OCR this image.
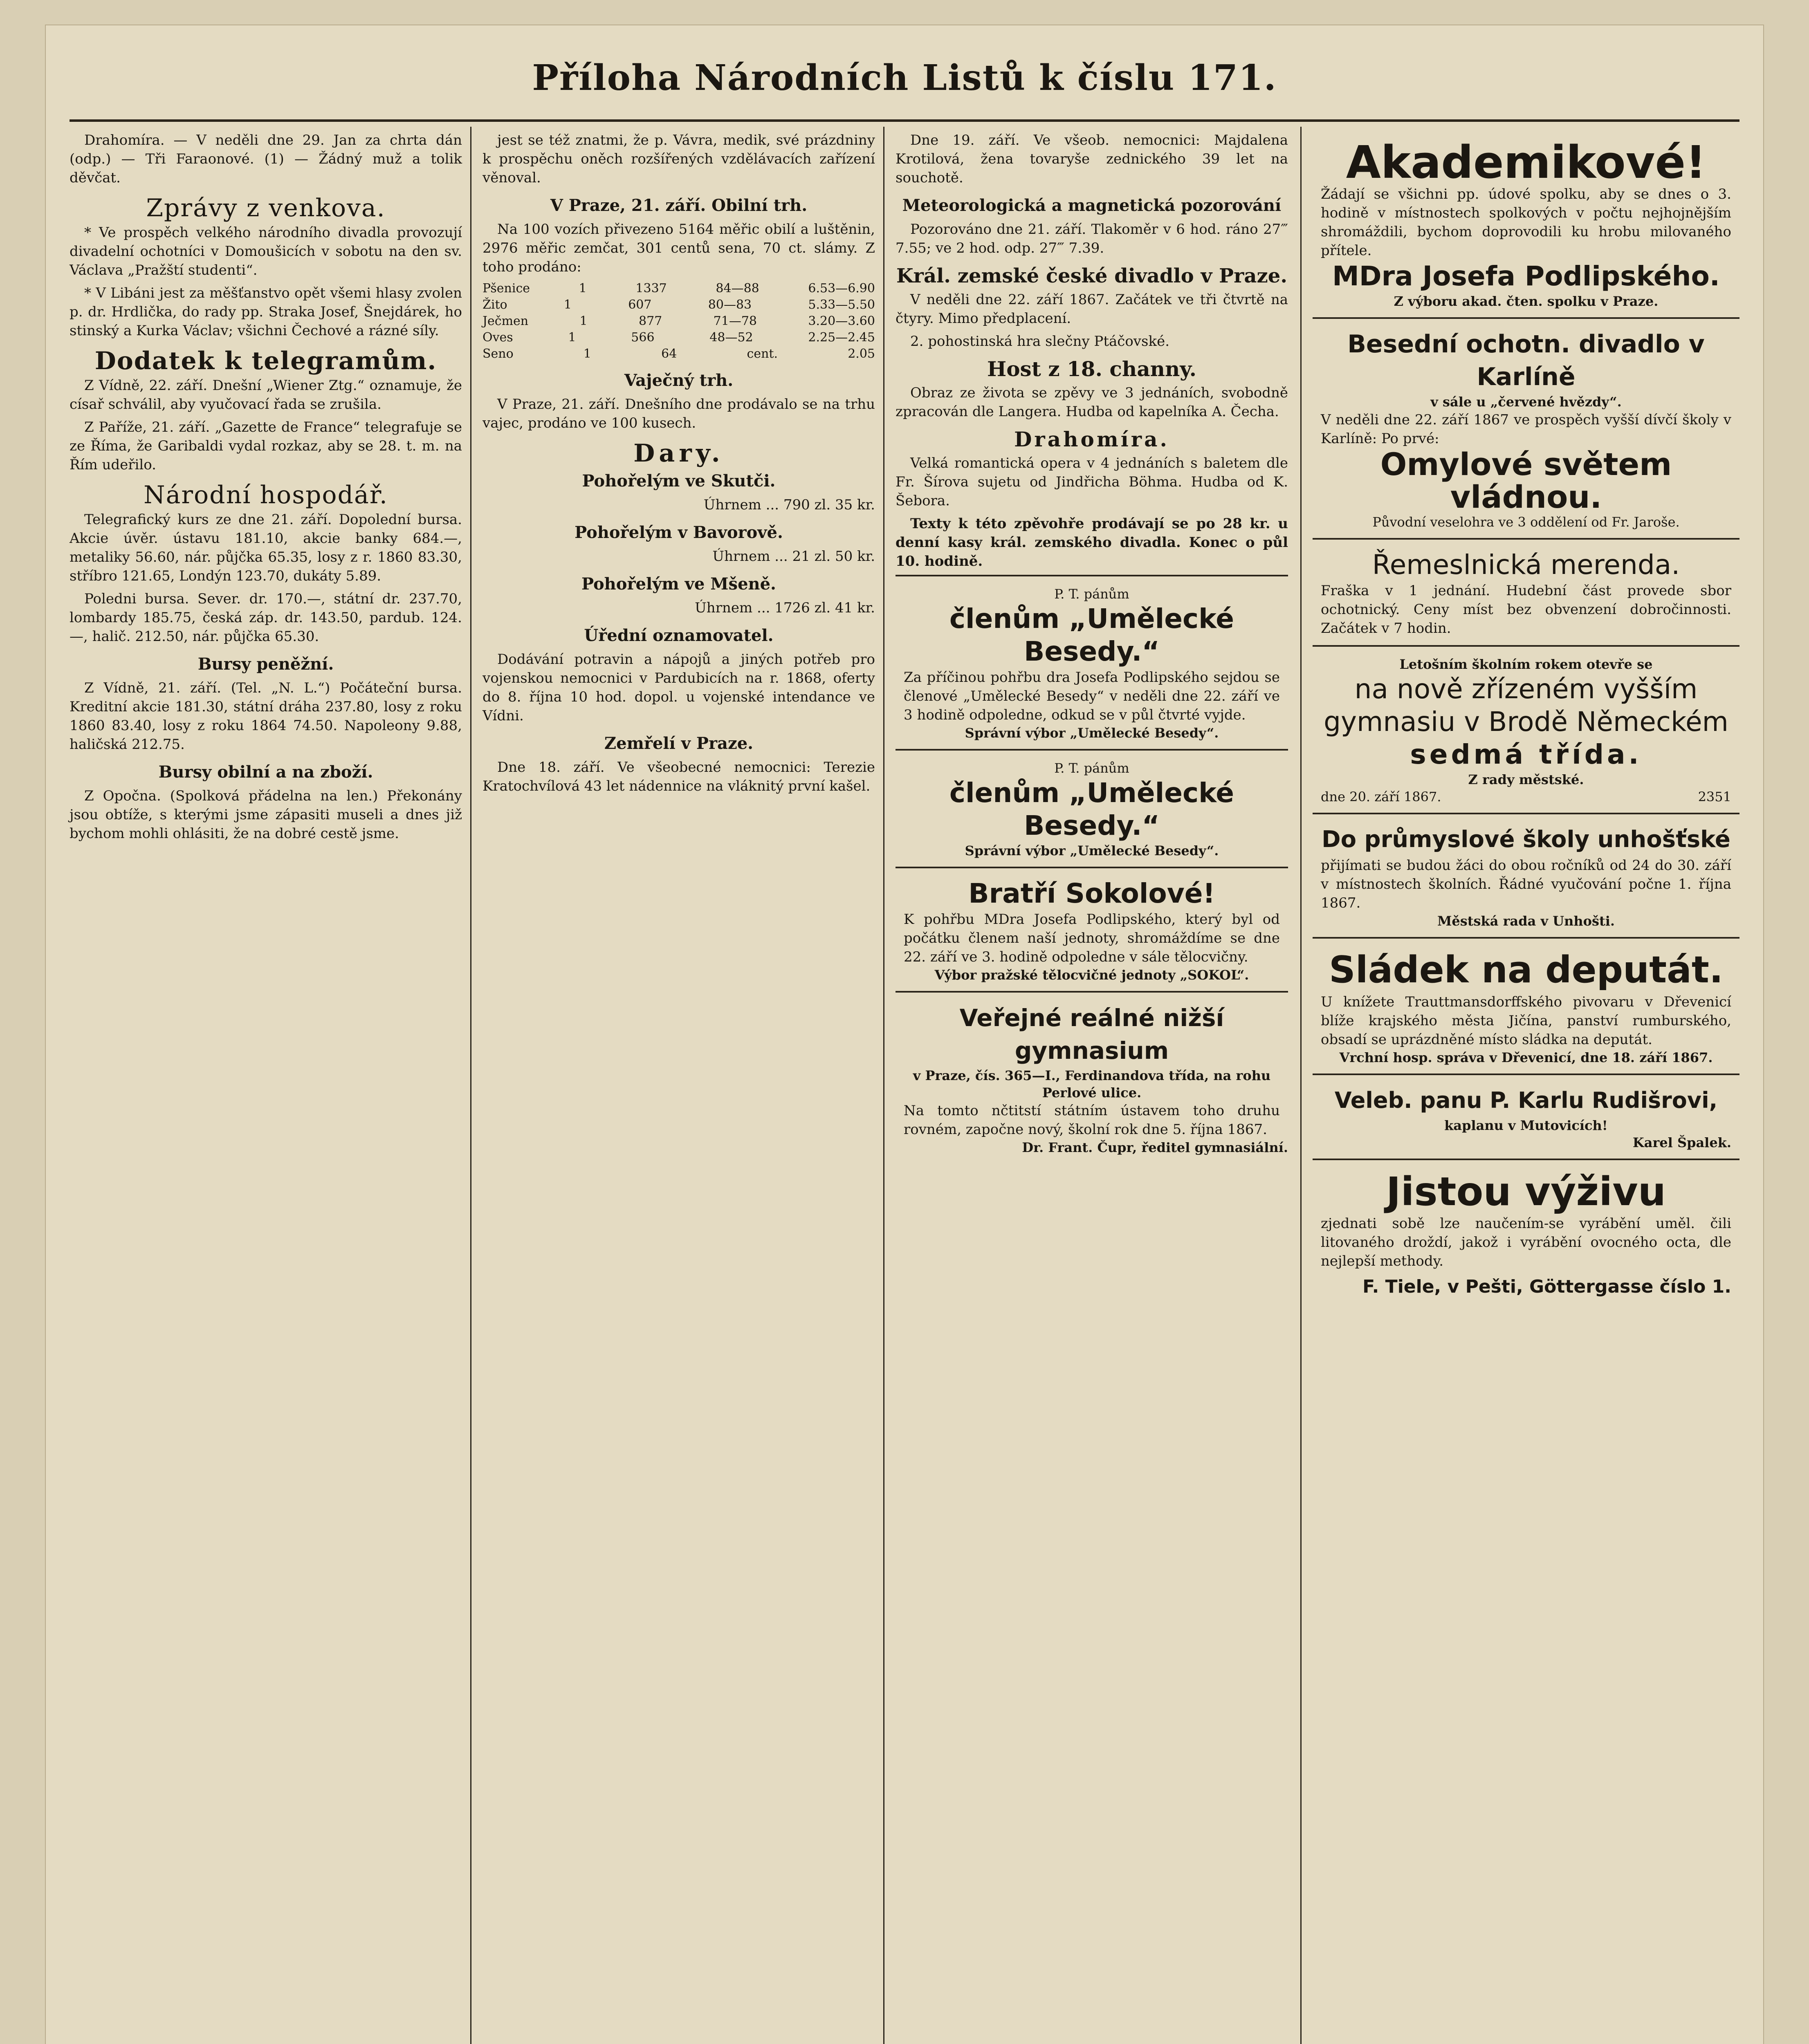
Příloha Národních Listů k číslu 171.

Drahomíra. — V neděli dne 29. Jan za chrta dán (odp.) — Tři Faraonové. (1) — Žádný muž a tolik děvčat.

Zprávy z venkova.

* Ve prospěch velkého národního divadla provozují divadelní ochotníci v Domoušicích v sobotu na den sv. Václava „Pražští studenti“.

* V Libáni jest za měšťanstvo opět všemi hlasy zvolen p. dr. Hrdlička, do rady pp. Straka Josef, Šnejdárek, ho stinský a Kurka Václav; všichni Čechové a rázné síly.

Dodatek k telegramům.

Z Vídně, 22. září. Dnešní „Wiener Ztg.“ oznamuje, že císař schválil, aby vyučovací řada se zrušila.

Z Paříže, 21. září. „Gazette de France“ telegrafuje se ze Říma, že Garibaldi vydal rozkaz, aby se 28. t. m. na Řím udeřilo.

Národní hospodář.

Telegrafický kurs ze dne 21. září. Dopolední bursa. Akcie úvěr. ústavu 181.10, akcie banky 684.—, metaliky 56.60, nár. půjčka 65.35, losy z r. 1860 83.30, stříbro 121.65, Londýn 123.70, dukáty 5.89.

Poledni bursa. Sever. dr. 170.—, státní dr. 237.70, lombardy 185.75, česká záp. dr. 143.50, pardub. 124.—, halič. 212.50, nár. půjčka 65.30.

Bursy peněžní.

Z Vídně, 21. září. (Tel. „N. L.“) Počáteční bursa. Kreditní akcie 181.30, státní dráha 237.80, losy z roku 1860 83.40, losy z roku 1864 74.50. Napoleony 9.88, haličská 212.75.

Bursy obilní a na zboží.

Z Opočna. (Spolková přádelna na len.) Překonány jsou obtíže, s kterými jsme zápasiti museli a dnes již bychom mohli ohlásiti, že na dobré cestě jsme.

jest se též znatmi, že p. Vávra, medik, své prázdniny k prospěchu oněch rozšířených vzdělávacích zařízení věnoval.

V Praze, 21. září. Obilní trh.

Na 100 vozích přivezeno 5164 měřic obilí a luštěnin, 2976 měřic zemčat, 301 centů sena, 70 ct. slámy. Z toho prodáno:

Pšenice	1	1337	84—88	6.53—6.90
Žito	1	607	80—83	5.33—5.50
Ječmen	1	877	71—78	3.20—3.60
Oves	1	566	48—52	2.25—2.45
Seno	1	64	cent.	2.05
Vaječný trh.

V Praze, 21. září. Dnešního dne prodávalo se na trhu vajec, prodáno ve 100 kusech.

Dary.
Pohořelým ve Skutči.

Úhrnem ... 790 zl. 35 kr.

Pohořelým v Bavorově.

Úhrnem ... 21 zl. 50 kr.

Pohořelým ve Mšeně.

Úhrnem ... 1726 zl. 41 kr.

Úřední oznamovatel.

Dodávání potravin a nápojů a jiných potřeb pro vojenskou nemocnici v Pardubicích na r. 1868, oferty do 8. října 10 hod. dopol. u vojenské intendance ve Vídni.

Zemřelí v Praze.

Dne 18. září. Ve všeobecné nemocnici: Terezie Kratochvílová 43 let nádennice na vláknitý první kašel.

Dne 19. září. Ve všeob. nemocnici: Majdalena Krotilová, žena tovaryše zednického 39 let na souchotě.

Meteorologická a magnetická pozorování

Pozorováno dne 21. září. Tlakoměr v 6 hod. ráno 27‴ 7.55; ve 2 hod. odp. 27‴ 7.39.

Král. zemské české divadlo v Praze.

V neděli dne 22. září 1867. Začátek ve tři čtvrtě na čtyry. Mimo předplacení.

2. pohostinská hra slečny Ptáčovské.

Host z 18. channy.

Obraz ze života se zpěvy ve 3 jednáních, svobodně zpracován dle Langera. Hudba od kapelníka A. Čecha.

Drahomíra.

Velká romantická opera v 4 jednáních s baletem dle Fr. Šírova sujetu od Jindřicha Böhma. Hudba od K. Šebora.

Texty k této zpěvohře prodávají se po 28 kr. u denní kasy král. zemského divadla. Konec o půl 10. hodině.

P. T. pánům
členům „Umělecké Besedy.“
Za příčinou pohřbu dra Josefa Podlipského sejdou se členové „Umělecké Besedy“ v neděli dne 22. září ve 3 hodině odpoledne, odkud se v půl čtvrté vyjde.
Správní výbor „Umělecké Besedy“.
P. T. pánům
členům „Umělecké Besedy.“
Správní výbor „Umělecké Besedy“.
Bratří Sokolové!
K pohřbu MDra Josefa Podlipského, který byl od počátku členem naší jednoty, shromáždíme se dne 22. září ve 3. hodině odpoledne v sále tělocvičny.
Výbor pražské tělocvičné jednoty „SOKOL“.
Veřejné reálné nižší gymnasium
v Praze, čís. 365—I., Ferdinandova třída, na rohu Perlové ulice.
Na tomto nčtitstí státním ústavem toho druhu rovném, započne nový, školní rok dne 5. října 1867.
Dr. Frant. Čupr, ředitel gymnasiální.
Akademikové!
Žádají se všichni pp. údové spolku, aby se dnes o 3. hodině v místnostech spolkových v počtu nejhojnějším shromáždili, bychom doprovodili ku hrobu milovaného přítele.
MDra Josefa Podlipského.
Z výboru akad. čten. spolku v Praze.
Besední ochotn. divadlo v Karlíně
v sále u „červené hvězdy“.
V neděli dne 22. září 1867 ve prospěch vyšší dívčí školy v Karlíně: Po prvé:
Omylové světem vládnou.
Původní veselohra ve 3 oddělení od Fr. Jaroše.
Řemeslnická merenda.
Fraška v 1 jednání. Hudební část provede sbor ochotnický. Ceny míst bez obvenzení dobročinnosti. Začátek v 7 hodin.
Letošním školním rokem otevře se
na nově zřízeném vyšším gymnasiu v Brodě Německém
sedmá třída.
Z rady městské.
dne 20. září 1867.	2351
Do průmyslové školy unhošťské
přijímati se budou žáci do obou ročníků od 24 do 30. září v místnostech školních. Řádné vyučování počne 1. října 1867.
Městská rada v Unhošti.
Sládek na deputát.
U knížete Trauttmansdorffského pivovaru v Dřevenicí blíže krajského města Jičína, panství rumburského, obsadí se uprázdněné místo sládka na deputát.
Vrchní hosp. správa v Dřevenicí, dne 18. září 1867.
Veleb. panu P. Karlu Rudišrovi,
kaplanu v Mutovicích!
Karel Špalek.
Jistou výživu
zjednati sobě lze naučením-se vyrábění uměl. čili litovaného droždí, jakož i vyrábění ovocného octa, dle nejlepší methody.
F. Tiele, v Pešti, Göttergasse číslo 1.
